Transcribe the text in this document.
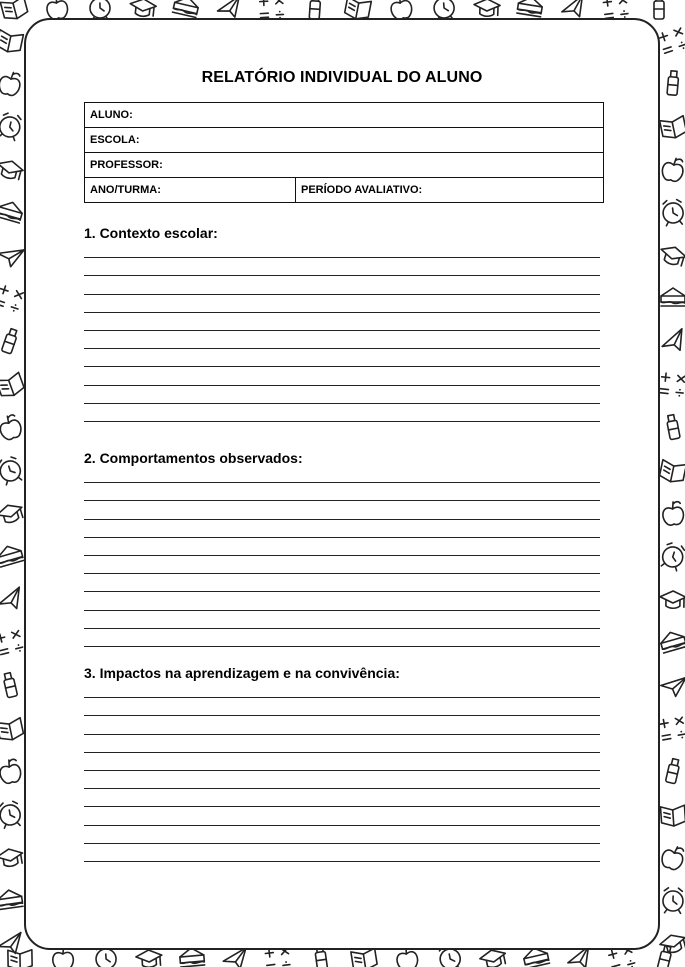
RELATÓRIO INDIVIDUAL DO ALUNO
ALUNO:
ESCOLA:
PROFESSOR:
ANO/TURMA:	PERÍODO AVALIATIVO:
1. Contexto escolar:
2. Comportamentos observados:
3. Impactos na aprendizagem e na convivência:
